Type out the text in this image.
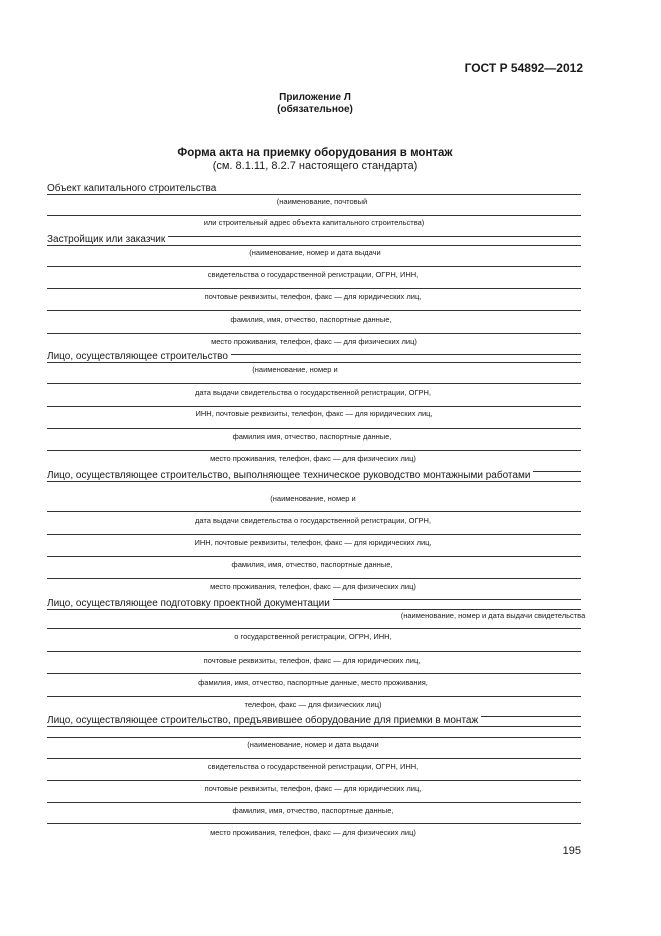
ГОСТ Р 54892—2012
Приложение Л
(обязательное)
Форма акта на приемку оборудования в монтаж
(см. 8.1.11, 8.2.7 настоящего стандарта)
Объект капитального строительства
(наименование, почтовый
или строительный адрес объекта капитального строительства)
Застройщик или заказчик
(наименование, номер и дата выдачи
свидетельства о государственной регистрации, ОГРН, ИНН,
почтовые реквизиты, телефон, факс — для юридических лиц,
фамилия, имя, отчество, паспортные данные,
место проживания, телефон, факс — для физических лиц)
Лицо, осуществляющее строительство
(наименование, номер и
дата выдачи свидетельства о государственной регистрации, ОГРН,
ИНН, почтовые реквизиты, телефон, факс — для юридических лиц,
фамилия имя, отчество, паспортные данные,
место проживания, телефон, факс — для физических лиц)
Лицо, осуществляющее строительство, выполняющее техническое руководство монтажными работами
(наименование, номер и
дата выдачи свидетельства о государственной регистрации, ОГРН,
ИНН, почтовые реквизиты, телефон, факс — для юридических лиц,
фамилия, имя, отчество, паспортные данные,
место проживания, телефон, факс — для физических лиц)
Лицо, осуществляющее подготовку проектной документации
(наименование, номер и дата выдачи свидетельства
о государственной регистрации, ОГРН, ИНН,
почтовые реквизиты, телефон, факс — для юридических лиц,
фамилия, имя, отчество, паспортные данные, место проживания,
телефон, факс — для физических лиц)
Лицо, осуществляющее строительство, предъявившее оборудование для приемки в монтаж
(наименование, номер и дата выдачи
свидетельства о государственной регистрации, ОГРН, ИНН,
почтовые реквизиты, телефон, факс — для юридических лиц,
фамилия, имя, отчество, паспортные данные,
место проживания, телефон, факс — для физических лиц)
195
